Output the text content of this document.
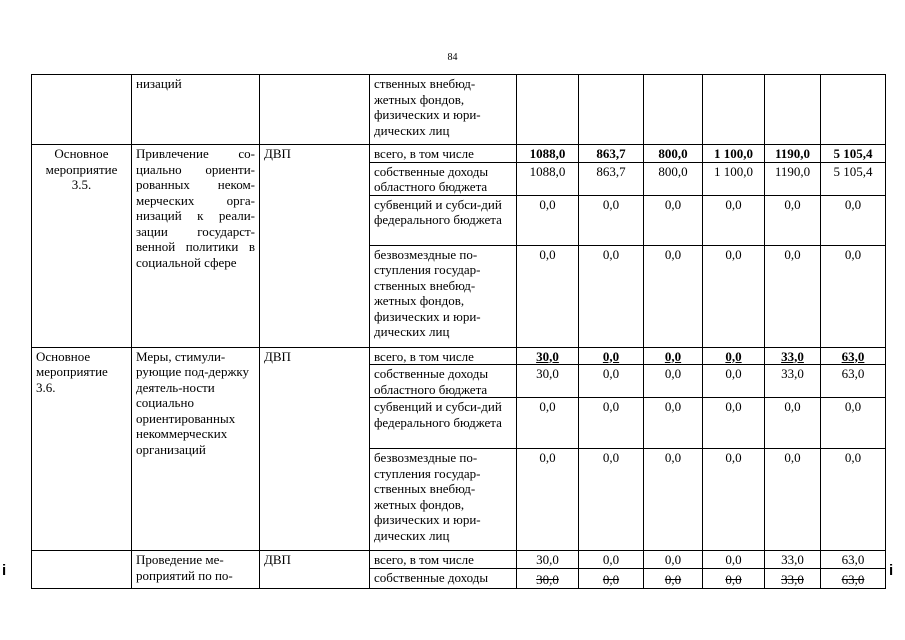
84
i	i
	низаций		ственных внебюд-жетных фондов, физических и юри-дических лиц						
Основное мероприятие 3.5.	Привлечение со-циально ориенти-рованных неком-мерческих орга-низаций к реали-зации государст-венной политики в социальной сфере	ДВП	всего, в том числе	1088,0	863,7	800,0	1 100,0	1190,0	5 105,4
			собственные доходы областного бюджета	1088,0	863,7	800,0	1 100,0	1190,0	5 105,4
			субвенций и субси-дий федерального бюджета	0,0	0,0	0,0	0,0	0,0	0,0
			безвозмездные по-ступления государ-ственных внебюд-жетных фондов, физических и юри-дических лиц	0,0	0,0	0,0	0,0	0,0	0,0
Основное мероприятие 3.6.	Меры, стимули-рующие под-держку деятель-ности социально ориентированных некоммерческих организаций	ДВП	всего, в том числе	30,0	0,0	0,0	0,0	33,0	63,0
			собственные доходы областного бюджета	30,0	0,0	0,0	0,0	33,0	63,0
			субвенций и субси-дий федерального бюджета	0,0	0,0	0,0	0,0	0,0	0,0
			безвозмездные по-ступления государ-ственных внебюд-жетных фондов, физических и юри-дических лиц	0,0	0,0	0,0	0,0	0,0	0,0
	Проведение ме-роприятий по по-	ДВП	всего, в том числе	30,0	0,0	0,0	0,0	33,0	63,0
			собственные доходы	30,0	0,0	0,0	0,0	33,0	63,0
